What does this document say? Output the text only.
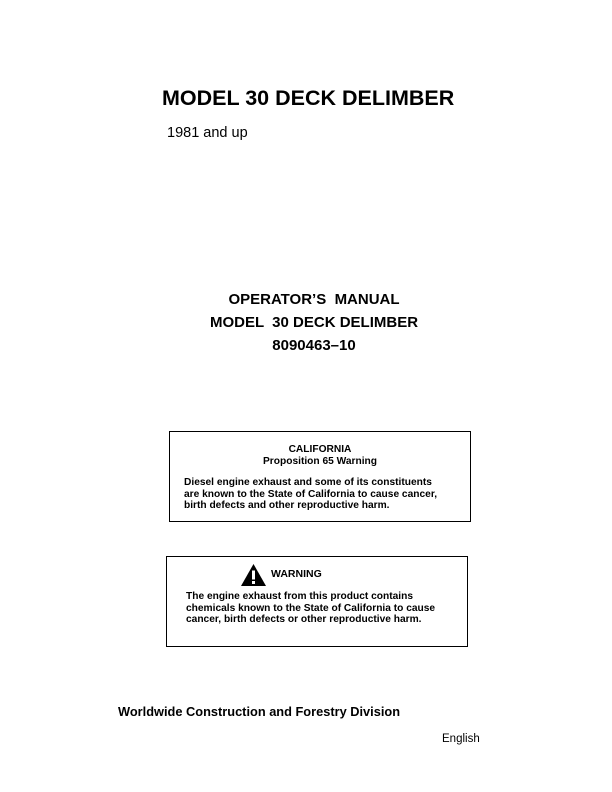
MODEL 30 DECK DELIMBER
1981 and up
OPERATOR’S  MANUAL
MODEL  30 DECK DELIMBER
8090463–10
CALIFORNIA
Proposition 65 Warning
Diesel engine exhaust and some of its constituents
are known to the State of California to cause cancer,
birth defects and other reproductive harm.
WARNING
The engine exhaust from this product contains
chemicals known to the State of California to cause
cancer, birth defects or other reproductive harm.
Worldwide Construction and Forestry Division
English
